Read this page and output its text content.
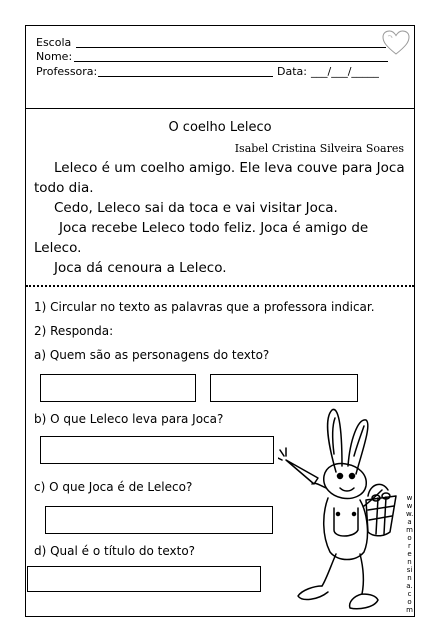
Escola
Nome:
Professora:	Data: ___/___/_____
O coelho Leleco
Isabel Cristina Silveira Soares
Leleco é um coelho amigo. Ele leva couve para Joca todo dia.
Cedo, Leleco sai da toca e vai visitar Joca.
Joca recebe Leleco todo feliz. Joca é amigo de Leleco.
Joca dá cenoura a Leleco.
1) Circular no texto as palavras que a professora indicar.
2) Responda:
a) Quem são as personagens do texto?
b) O que Leleco leva para Joca?
c) O que Joca é de Leleco?
d) Qual é o título do texto?
www.amorensina.com
